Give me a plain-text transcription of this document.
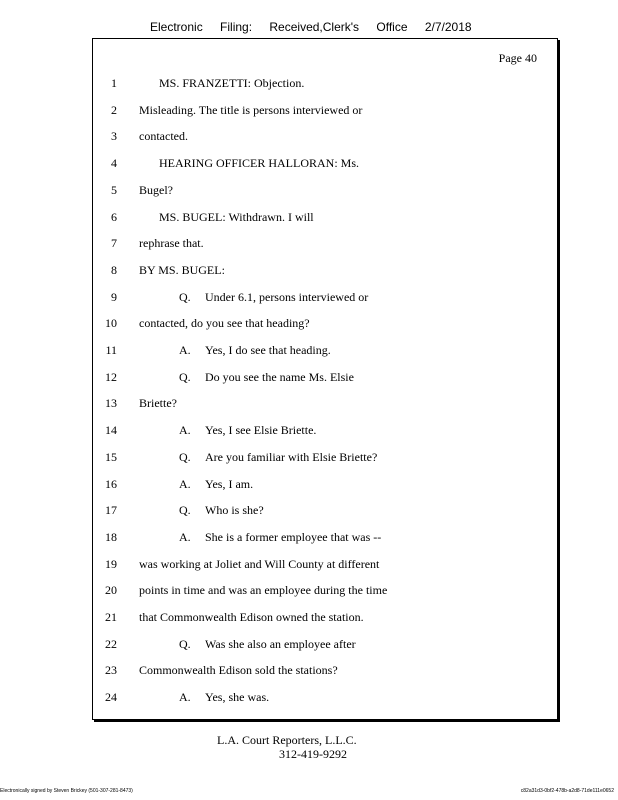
Electronic Filing: Received,Clerk's Office 2/7/2018
Page 40
1	MS. FRANZETTI: Objection.
2 Misleading. The title is persons interviewed or
3 contacted.
4	HEARING OFFICER HALLORAN: Ms.
5 Bugel?
6	MS. BUGEL: Withdrawn. I will
7 rephrase that.
8 BY MS. BUGEL:
9	Q. Under 6.1, persons interviewed or
10 contacted, do you see that heading?
11	A. Yes, I do see that heading.
12	Q. Do you see the name Ms. Elsie
13 Briette?
14	A. Yes, I see Elsie Briette.
15	Q. Are you familiar with Elsie Briette?
16	A. Yes, I am.
17	Q. Who is she?
18	A. She is a former employee that was --
19 was working at Joliet and Will County at different
20 points in time and was an employee during the time
21 that Commonwealth Edison owned the station.
22	Q. Was she also an employee after
23 Commonwealth Edison sold the stations?
24	A. Yes, she was.
L.A. Court Reporters, L.L.C.
312-419-9292
Electronically signed by Steven Brickey (501-307-281-8473)	c82a31d3-0bf2-478b-a2d8-71de111e0652
